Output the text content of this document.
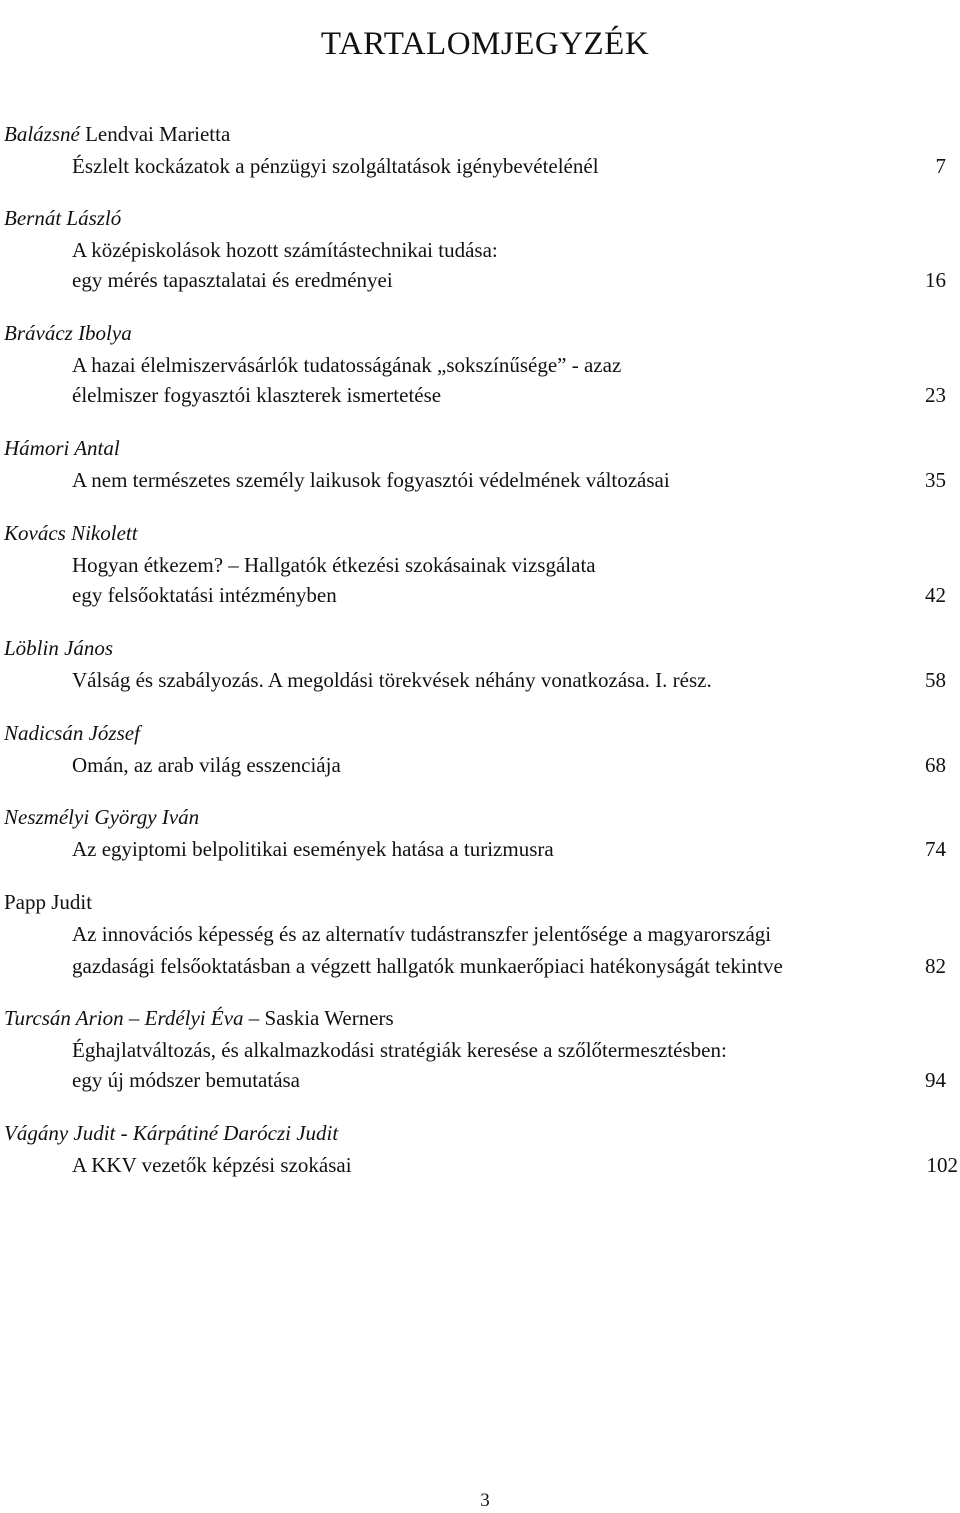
TARTALOMJEGYZÉK
Balázsné Lendvai Marietta
Észlelt kockázatok a pénzügyi szolgáltatások igénybevételénél	7
Bernát László
A középiskolások hozott számítástechnikai tudása:
egy mérés tapasztalatai és eredményei	16
Brávácz Ibolya
A hazai élelmiszervásárlók tudatosságának „sokszínűsége” - azaz
élelmiszer fogyasztói klaszterek ismertetése	23
Hámori Antal
A nem természetes személy laikusok fogyasztói védelmének változásai	35
Kovács Nikolett
Hogyan étkezem? – Hallgatók étkezési szokásainak vizsgálata
egy felsőoktatási intézményben	42
Löblin János
Válság és szabályozás. A megoldási törekvések néhány vonatkozása. I. rész.	58
Nadicsán József
Omán, az arab világ esszenciája	68
Neszmélyi György Iván
Az egyiptomi belpolitikai események hatása a turizmusra	74
Papp Judit
Az innovációs képesség és az alternatív tudástranszfer jelentősége a magyarországi
gazdasági felsőoktatásban a végzett hallgatók munkaerőpiaci hatékonyságát tekintve	82
Turcsán Arion – Erdélyi Éva – Saskia Werners
Éghajlatváltozás, és alkalmazkodási stratégiák keresése a szőlőtermesztésben:
egy új módszer bemutatása	94
Vágány Judit - Kárpátiné Daróczi Judit
A KKV vezetők képzési szokásai	102
3
